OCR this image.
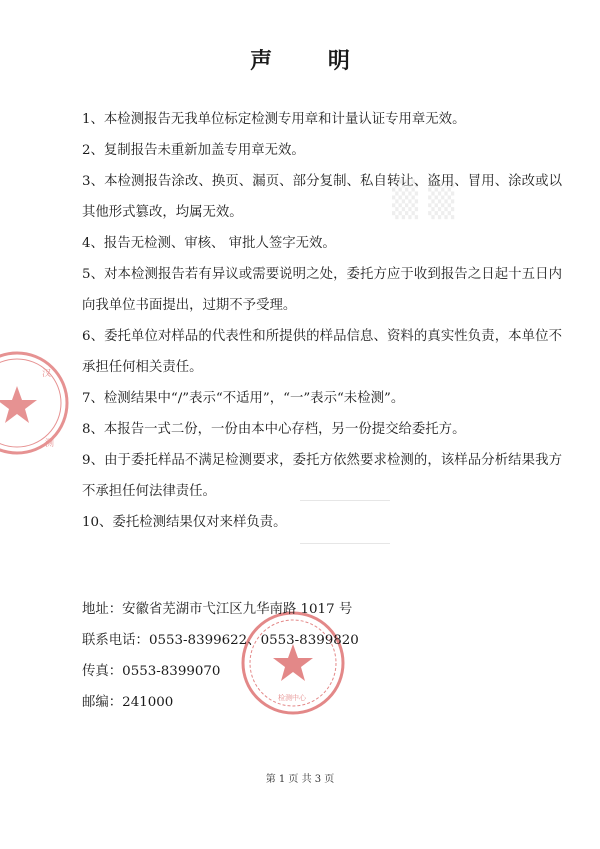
▒▒
汉
测
检测中心
声 明
1、本检测报告无我单位标定检测专用章和计量认证专用章无效。
2、复制报告未重新加盖专用章无效。
3、本检测报告涂改、换页、漏页、部分复制、私自转让、盗用、冒用、涂改或以其他形式篡改，均属无效。
4、报告无检测、审核、 审批人签字无效。
5、对本检测报告若有异议或需要说明之处，委托方应于收到报告之日起十五日内向我单位书面提出，过期不予受理。
6、委托单位对样品的代表性和所提供的样品信息、资料的真实性负责，本单位不承担任何相关责任。
7、检测结果中“/”表示“不适用”，“一”表示“未检测”。
8、本报告一式二份，一份由本中心存档，另一份提交给委托方。
9、由于委托样品不满足检测要求，委托方依然要求检测的，该样品分析结果我方不承担任何法律责任。
10、委托检测结果仅对来样负责。
地址：安徽省芜湖市弋江区九华南路 1017 号
联系电话：0553-8399622、0553-8399820
传真：0553-8399070
邮编：241000
第 1 页 共 3 页
